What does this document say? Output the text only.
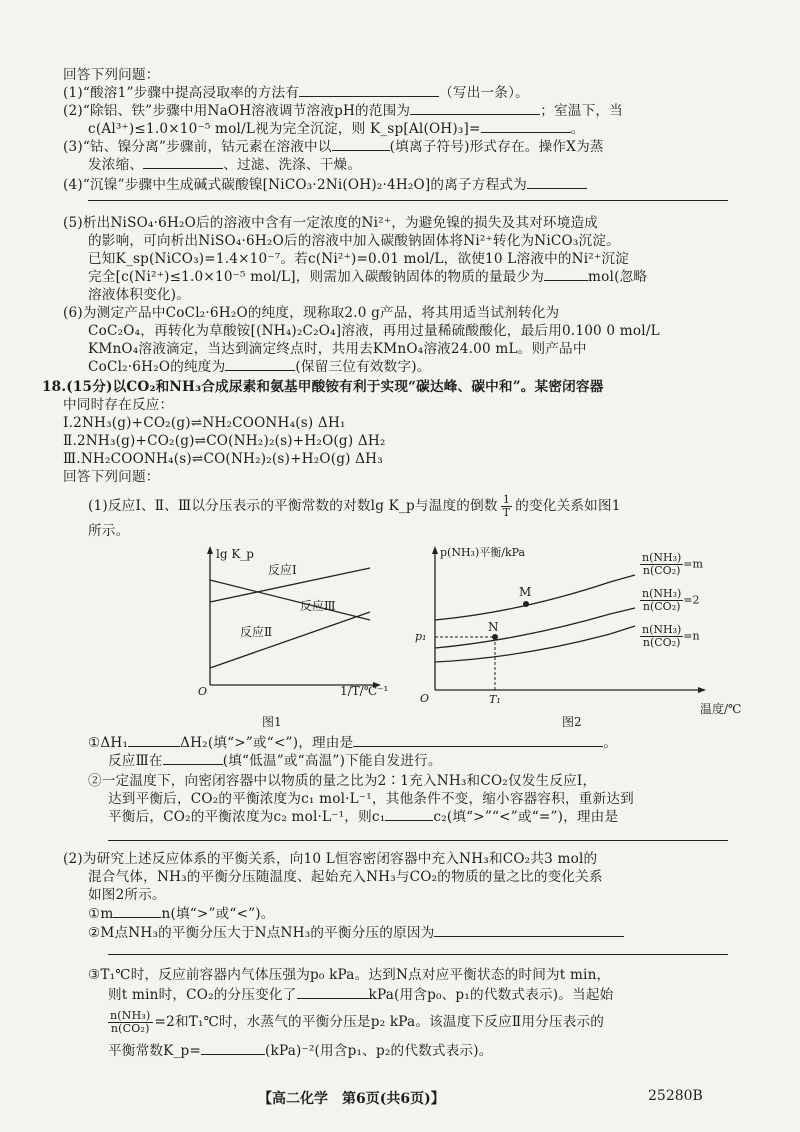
回答下列问题：
(1)“酸溶1”步骤中提高浸取率的方法有	（写出一条）。
(2)“除铝、铁”步骤中用NaOH溶液调节溶液pH的范围为	；室温下，当
c(Al³⁺)≤1.0×10⁻⁵ mol/L视为完全沉淀，则 K_sp[Al(OH)₃]=	。
(3)“钴、镍分离”步骤前，钴元素在溶液中以	(填离子符号)形式存在。操作X为蒸
发浓缩、	、过滤、洗涤、干燥。
(4)“沉镍”步骤中生成碱式碳酸镍[NiCO₃·2Ni(OH)₂·4H₂O]的离子方程式为
(5)析出NiSO₄·6H₂O后的溶液中含有一定浓度的Ni²⁺，为避免镍的损失及其对环境造成
的影响，可向析出NiSO₄·6H₂O后的溶液中加入碳酸钠固体将Ni²⁺转化为NiCO₃沉淀。
已知K_sp(NiCO₃)=1.4×10⁻⁷。若c(Ni²⁺)=0.01 mol/L，欲使10 L溶液中的Ni²⁺沉淀
完全[c(Ni²⁺)≤1.0×10⁻⁵ mol/L]，则需加入碳酸钠固体的物质的量最少为	mol(忽略
溶液体积变化)。
(6)为测定产品中CoCl₂·6H₂O的纯度，现称取2.0 g产品，将其用适当试剂转化为
CoC₂O₄，再转化为草酸铵[(NH₄)₂C₂O₄]溶液，再用过量稀硫酸酸化，最后用0.100 0 mol/L
KMnO₄溶液滴定，当达到滴定终点时，共用去KMnO₄溶液24.00 mL。则产品中
CoCl₂·6H₂O的纯度为	(保留三位有效数字)。
18.(15分)以CO₂和NH₃合成尿素和氨基甲酸铵有利于实现“碳达峰、碳中和”。某密闭容器
中同时存在反应：
Ⅰ.2NH₃(g)+CO₂(g)⇌NH₂COONH₄(s) ΔH₁
Ⅱ.2NH₃(g)+CO₂(g)⇌CO(NH₂)₂(s)+H₂O(g) ΔH₂
Ⅲ.NH₂COONH₄(s)⇌CO(NH₂)₂(s)+H₂O(g) ΔH₃
回答下列问题：
(1)反应Ⅰ、Ⅱ、Ⅲ以分压表示的平衡常数的对数lg K_p与温度的倒数 $\frac{1}{T}$ 的变化关系如图1
所示。
lg K_p
O
反应Ⅰ
反应Ⅲ
反应Ⅱ
1/T/℃⁻¹
图1
p(NH₃)平衡/kPa
O
M
N
p₁
T₁
$\frac{\text{n(NH₃)}}{\text{n(CO₂)}} =m$
$\frac{\text{n(NH₃)}}{\text{n(CO₂)}} =2$
$\frac{\text{n(NH₃)}}{\text{n(CO₂)}} =n$
温度/℃
图2
①ΔH₁	ΔH₂(填“>”或“<”)，理由是	。
反应Ⅲ在	(填“低温”或“高温”)下能自发进行。
②一定温度下，向密闭容器中以物质的量之比为2∶1充入NH₃和CO₂仅发生反应Ⅰ，
达到平衡后，CO₂的平衡浓度为c₁ mol·L⁻¹，其他条件不变，缩小容器容积，重新达到
平衡后，CO₂的平衡浓度为c₂ mol·L⁻¹，则c₁	c₂(填“>”“<”或“=”)，理由是
(2)为研究上述反应体系的平衡关系，向10 L恒容密闭容器中充入NH₃和CO₂共3 mol的
混合气体，NH₃的平衡分压随温度、起始充入NH₃与CO₂的物质的量之比的变化关系
如图2所示。
①m	n(填“>”或“<”)。
②M点NH₃的平衡分压大于N点NH₃的平衡分压的原因为
③T₁℃时，反应前容器内气体压强为p₀ kPa。达到N点对应平衡状态的时间为t min，
则t min时，CO₂的分压变化了	kPa(用含p₀、p₁的代数式表示)。当起始
$\frac{\text{n(NH₃)}}{\text{n(CO₂)}} =2$和T₁℃时，水蒸气的平衡分压是p₂ kPa。该温度下反应Ⅱ用分压表示的
平衡常数K_p=	(kPa)⁻²(用含p₁、p₂的代数式表示)。
【高二化学　第6页(共6页)】	25280B
